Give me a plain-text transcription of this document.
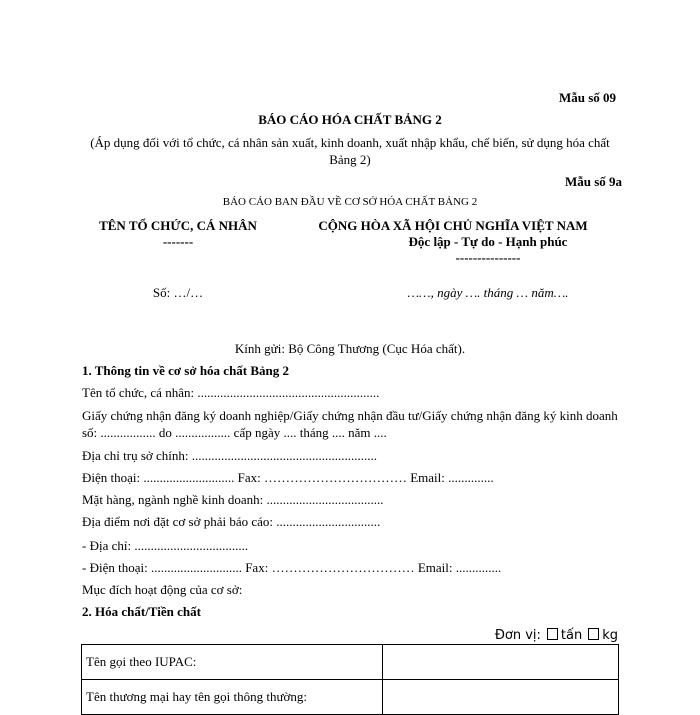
Mẫu số 09
BÁO CÁO HÓA CHẤT BẢNG 2
(Áp dụng đối với tổ chức, cá nhân sản xuất, kinh doanh, xuất nhập khẩu, chế biến, sử dụng hóa chất Bảng 2)
Mẫu số 9a
BÁO CÁO BAN ĐẦU VỀ CƠ SỞ HÓA CHẤT BẢNG 2
TÊN TỔ CHỨC, CÁ NHÂN
-------
Số: …/…
CỘNG HÒA XÃ HỘI CHỦ NGHĨA VIỆT NAM
Độc lập - Tự do - Hạnh phúc
---------------
……, ngày …. tháng … năm….
Kính gửi: Bộ Công Thương (Cục Hóa chất).
1. Thông tin về cơ sở hóa chất Bảng 2
Tên tổ chức, cá nhân: ........................................................
Giấy chứng nhận đăng ký doanh nghiệp/Giấy chứng nhận đầu tư/Giấy chứng nhận đăng ký kinh doanh số: ................. do ................. cấp ngày .... tháng .... năm ....
Địa chỉ trụ sở chính: .........................................................
Điện thoại: ............................ Fax: …………………………… Email: ..............
Mặt hàng, ngành nghề kinh doanh: ....................................
Địa điểm nơi đặt cơ sở phải báo cáo: ................................
- Địa chỉ: ...................................
- Điện thoại: ............................ Fax: …………………………… Email: ..............
Mục đích hoạt động của cơ sở:
2. Hóa chất/Tiền chất
Đơn vị: tấn kg
Tên gọi theo IUPAC:	
Tên thương mại hay tên gọi thông thường:	
